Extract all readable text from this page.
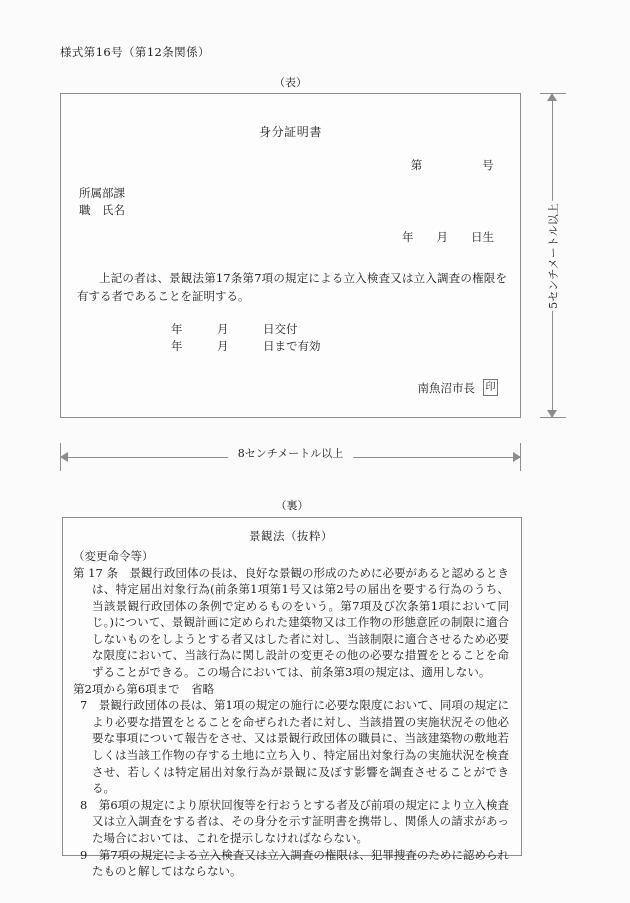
様式第16号（第12条関係）
（表）
身分証明書
第　　　　　号
所属部課
職　氏名
年　　月　　日生
上記の者は、景観法第17条第7項の規定による立入検査又は立入調査の権限を有する者であることを証明する。
年　　　月　　　日交付
年　　　月　　　日まで有効
南魚沼市長 印
5センチメートル以上
8センチメートル以上
（裏）
景観法（抜粋）
（変更命令等）
第 17 条　景観行政団体の長は、良好な景観の形成のために必要があると認めるときは、特定届出対象行為(前条第1項第1号又は第2号の届出を要する行為のうち、当該景観行政団体の条例で定めるものをいう。第7項及び次条第1項において同じ。)について、景観計画に定められた建築物又は工作物の形態意匠の制限に適合しないものをしようとする者又はした者に対し、当該制限に適合させるため必要な限度において、当該行為に関し設計の変更その他の必要な措置をとることを命ずることができる。この場合においては、前条第3項の規定は、適用しない。
第2項から第6項まで　省略
7　景観行政団体の長は、第1項の規定の施行に必要な限度において、同項の規定により必要な措置をとることを命ぜられた者に対し、当該措置の実施状況その他必要な事項について報告をさせ、又は景観行政団体の職員に、当該建築物の敷地若しくは当該工作物の存する土地に立ち入り、特定届出対象行為の実施状況を検査させ、若しくは特定届出対象行為が景観に及ぼす影響を調査させることができる。
8　第6項の規定により原状回復等を行おうとする者及び前項の規定により立入検査又は立入調査をする者は、その身分を示す証明書を携帯し、関係人の請求があった場合においては、これを提示しなければならない。
9　第7項の規定による立入検査又は立入調査の権限は、犯罪捜査のために認められたものと解してはならない。
